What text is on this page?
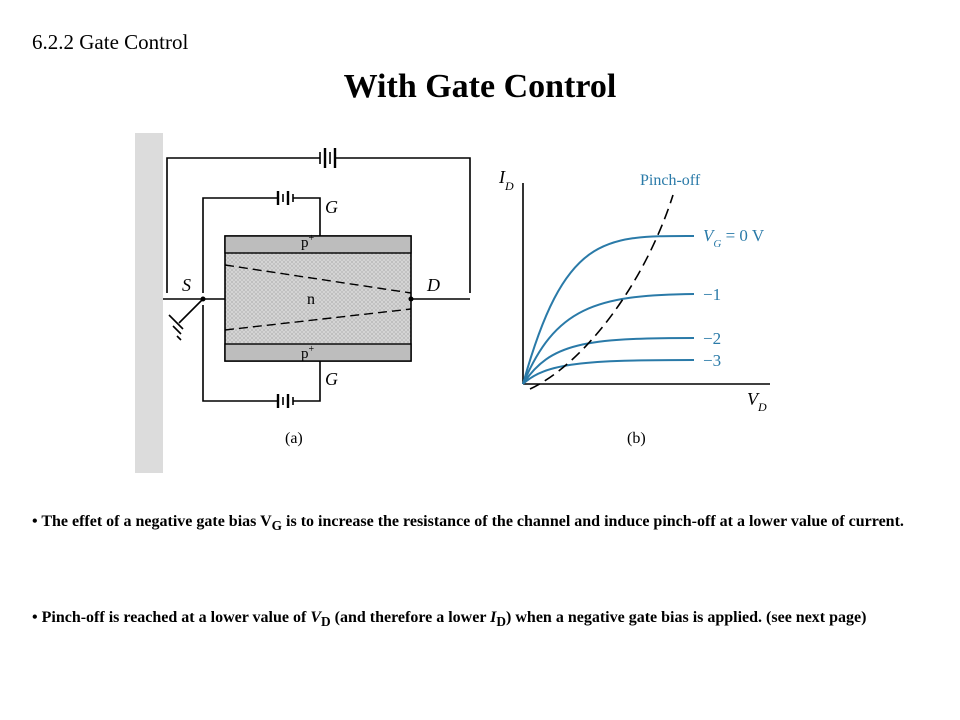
6.2.2 Gate Control
With Gate Control
G
G
S	D
p+
p+
n
(a)
$I_D$
$V_D$
Pinch-off
$V_G = 0$ V
−1
−2
−3
(b)
• The effet of a negative gate bias $V_G$ is to increase the resistance of the channel and induce pinch-off at a lower value of current.
• Pinch-off is reached at a lower value of $V_D$ (and therefore a lower $I_D$) when a negative gate bias is applied. (see next page)
